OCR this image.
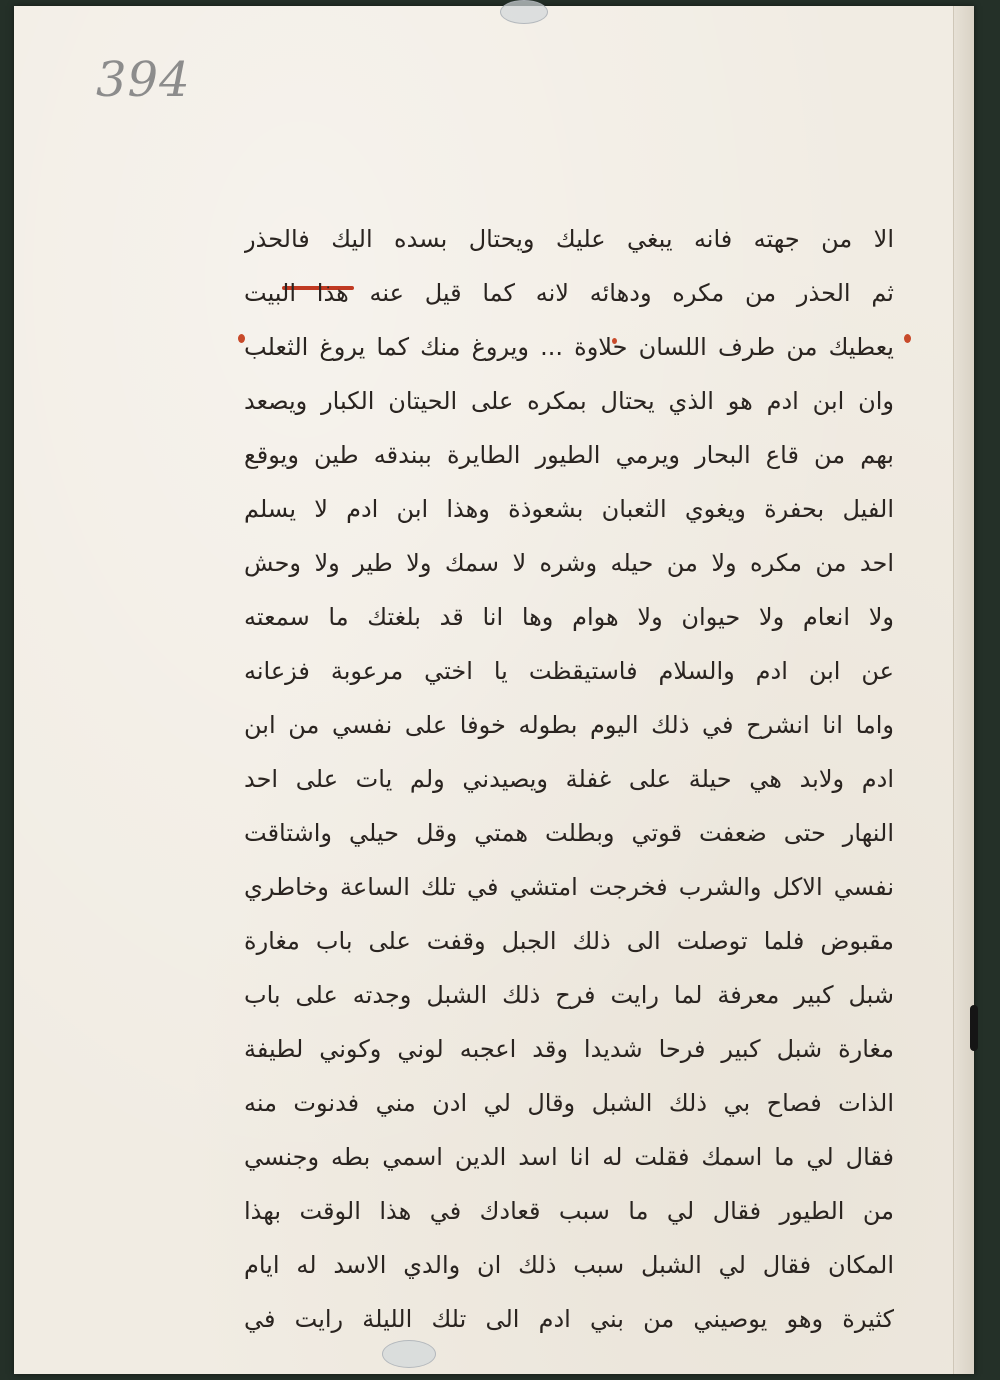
394
الا من جهته فانه يبغي عليك ويحتال بسده اليك فالحذر
ثم الحذر من مكره ودهائه لانه كما قيل عنه هذا البيت
يعطيك من طرف اللسان حلاوة ... ويروغ منك كما يروغ الثعلب
وان ابن ادم هو الذي يحتال بمكره على الحيتان الكبار ويصعد
بهم من قاع البحار ويرمي الطيور الطايرة ببندقه طين ويوقع
الفيل بحفرة ويغوي الثعبان بشعوذة وهذا ابن ادم لا يسلم
احد من مكره ولا من حيله وشره لا سمك ولا طير ولا وحش
ولا انعام ولا حيوان ولا هوام وها انا قد بلغتك ما سمعته
عن ابن ادم والسلام فاستيقظت يا اختي مرعوبة فزعانه
واما انا انشرح في ذلك اليوم بطوله خوفا على نفسي من ابن
ادم ولابد هي حيلة على غفلة ويصيدني ولم يات على احد
النهار حتى ضعفت قوتي وبطلت همتي وقل حيلي واشتاقت
نفسي الاكل والشرب فخرجت امتشي في تلك الساعة وخاطري
مقبوض فلما توصلت الى ذلك الجبل وقفت على باب مغارة
شبل كبير معرفة لما رايت فرح ذلك الشبل وجدته على باب
مغارة شبل كبير فرحا شديدا وقد اعجبه لوني وكوني لطيفة
الذات فصاح بي ذلك الشبل وقال لي ادن مني فدنوت منه
فقال لي ما اسمك فقلت له انا اسد الدين اسمي بطه وجنسي
من الطيور فقال لي ما سبب قعادك في هذا الوقت بهذا
المكان فقال لي الشبل سبب ذلك ان والدي الاسد له ايام
كثيرة وهو يوصيني من بني ادم الى تلك الليلة رايت في
